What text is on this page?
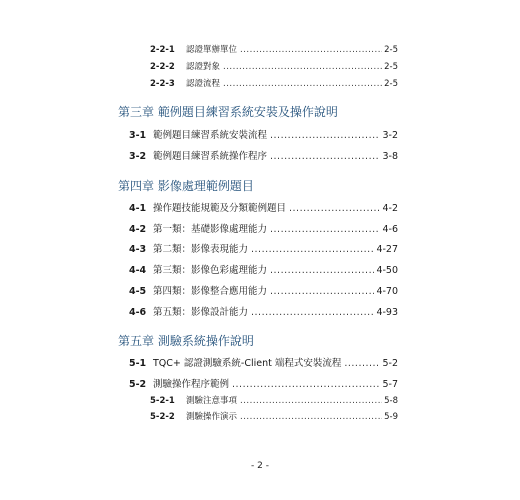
2-2-1	認證單辦單位 .....	2-5
2-2-2	認證對象 .....	2-5
2-2-3	認證流程 .....	2-5
第三章 範例題目練習系統安裝及操作說明
3-1 範例題目練習系統安裝流程 .....	3-2
3-2 範例題目練習系統操作程序 .....	3-8
第四章 影像處理範例題目
4-1 操作題技能規範及分類範例題目 .....	4-2
4-2 第一類：基礎影像處理能力 .....	4-6
4-3 第二類：影像表現能力 .....	4-27
4-4 第三類：影像色彩處理能力 .....	4-50
4-5 第四類：影像整合應用能力 .....	4-70
4-6 第五類：影像設計能力 .....	4-93
第五章 測驗系統操作說明
5-1 TQC+ 認證測驗系統-Client 端程式安裝流程 .....	5-2
5-2 測驗操作程序範例 .....	5-7
5-2-1	測驗注意事項 .....	5-8
5-2-2	測驗操作演示 .....	5-9
- 2 -
